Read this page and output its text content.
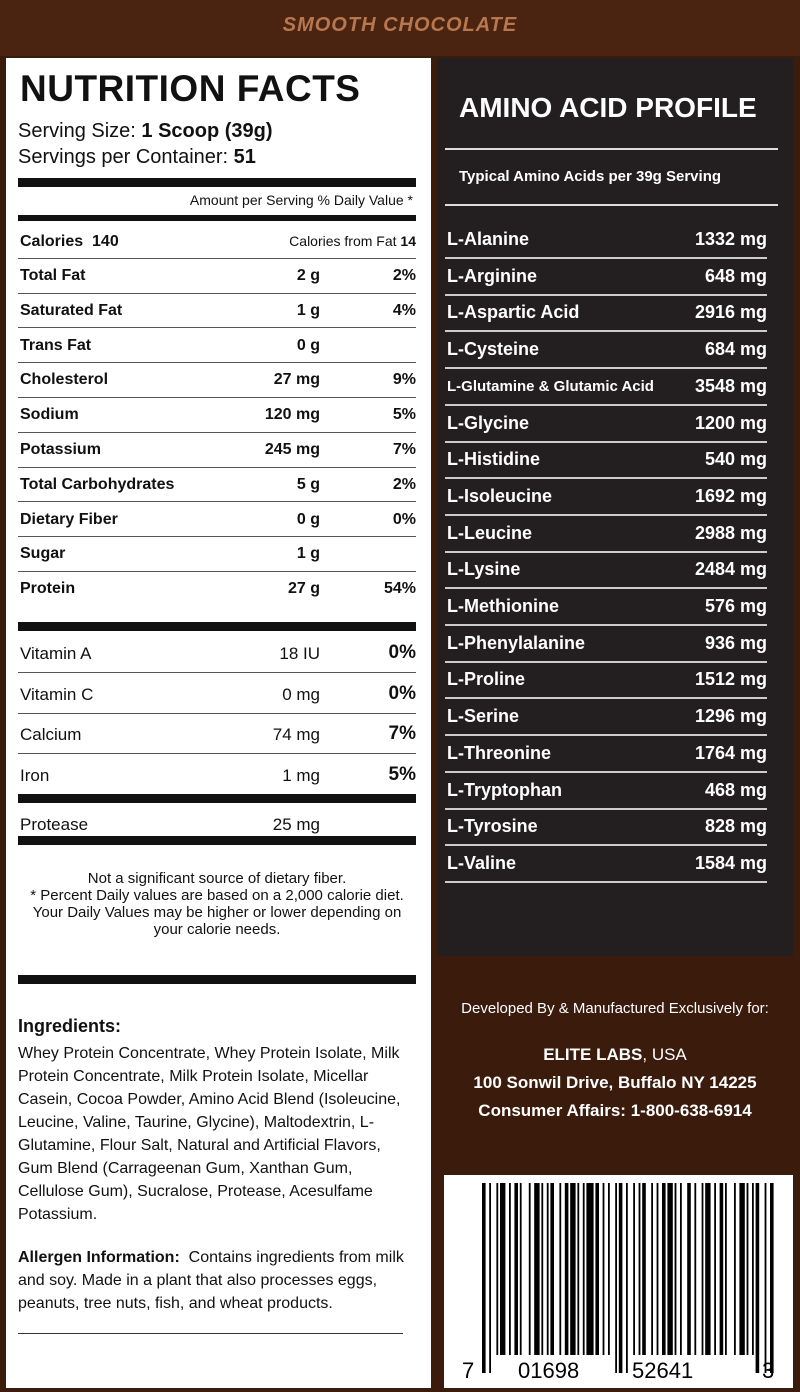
SMOOTH CHOCOLATE
NUTRITION FACTS
Serving Size: 1 Scoop (39g)
Servings per Container: 51
Amount per Serving % Daily Value *
Calories 140	Calories from Fat 14
Total Fat	2 g	2%
Saturated Fat	1 g	4%
Trans Fat	0 g
Cholesterol	27 mg	9%
Sodium	120 mg	5%
Potassium	245 mg	7%
Total Carbohydrates	5 g	2%
Dietary Fiber	0 g	0%
Sugar	1 g
Protein	27 g	54%
Vitamin A	18 IU	0%
Vitamin C	0 mg	0%
Calcium	74 mg	7%
Iron	1 mg	5%
Protease	25 mg
Not a significant source of dietary fiber.
* Percent Daily values are based on a 2,000 calorie diet.
Your Daily Values may be higher or lower depending on
your calorie needs.
Ingredients:
Whey Protein Concentrate, Whey Protein Isolate, Milk Protein Concentrate, Milk Protein Isolate, Micellar Casein, Cocoa Powder, Amino Acid Blend (Isoleucine, Leucine, Valine, Taurine, Glycine), Maltodextrin, L-Glutamine, Flour Salt, Natural and Artificial Flavors, Gum Blend (Carrageenan Gum, Xanthan Gum, Cellulose Gum), Sucralose, Protease, Acesulfame Potassium.
Allergen Information: Contains ingredients from milk and soy. Made in a plant that also processes eggs, peanuts, tree nuts, fish, and wheat products.
AMINO ACID PROFILE
Typical Amino Acids per 39g Serving
L-Alanine	1332 mg
L-Arginine	648 mg
L-Aspartic Acid	2916 mg
L-Cysteine	684 mg
L-Glutamine & Glutamic Acid 3548 mg
L-Glycine	1200 mg
L-Histidine	540 mg
L-Isoleucine	1692 mg
L-Leucine	2988 mg
L-Lysine	2484 mg
L-Methionine	576 mg
L-Phenylalanine	936 mg
L-Proline	1512 mg
L-Serine	1296 mg
L-Threonine	1764 mg
L-Tryptophan	468 mg
L-Tyrosine	828 mg
L-Valine	1584 mg
Developed By & Manufactured Exclusively for:
ELITE LABS, USA
100 Sonwil Drive, Buffalo NY 14225
Consumer Affairs: 1-800-638-6914
7 01698 52641	3
